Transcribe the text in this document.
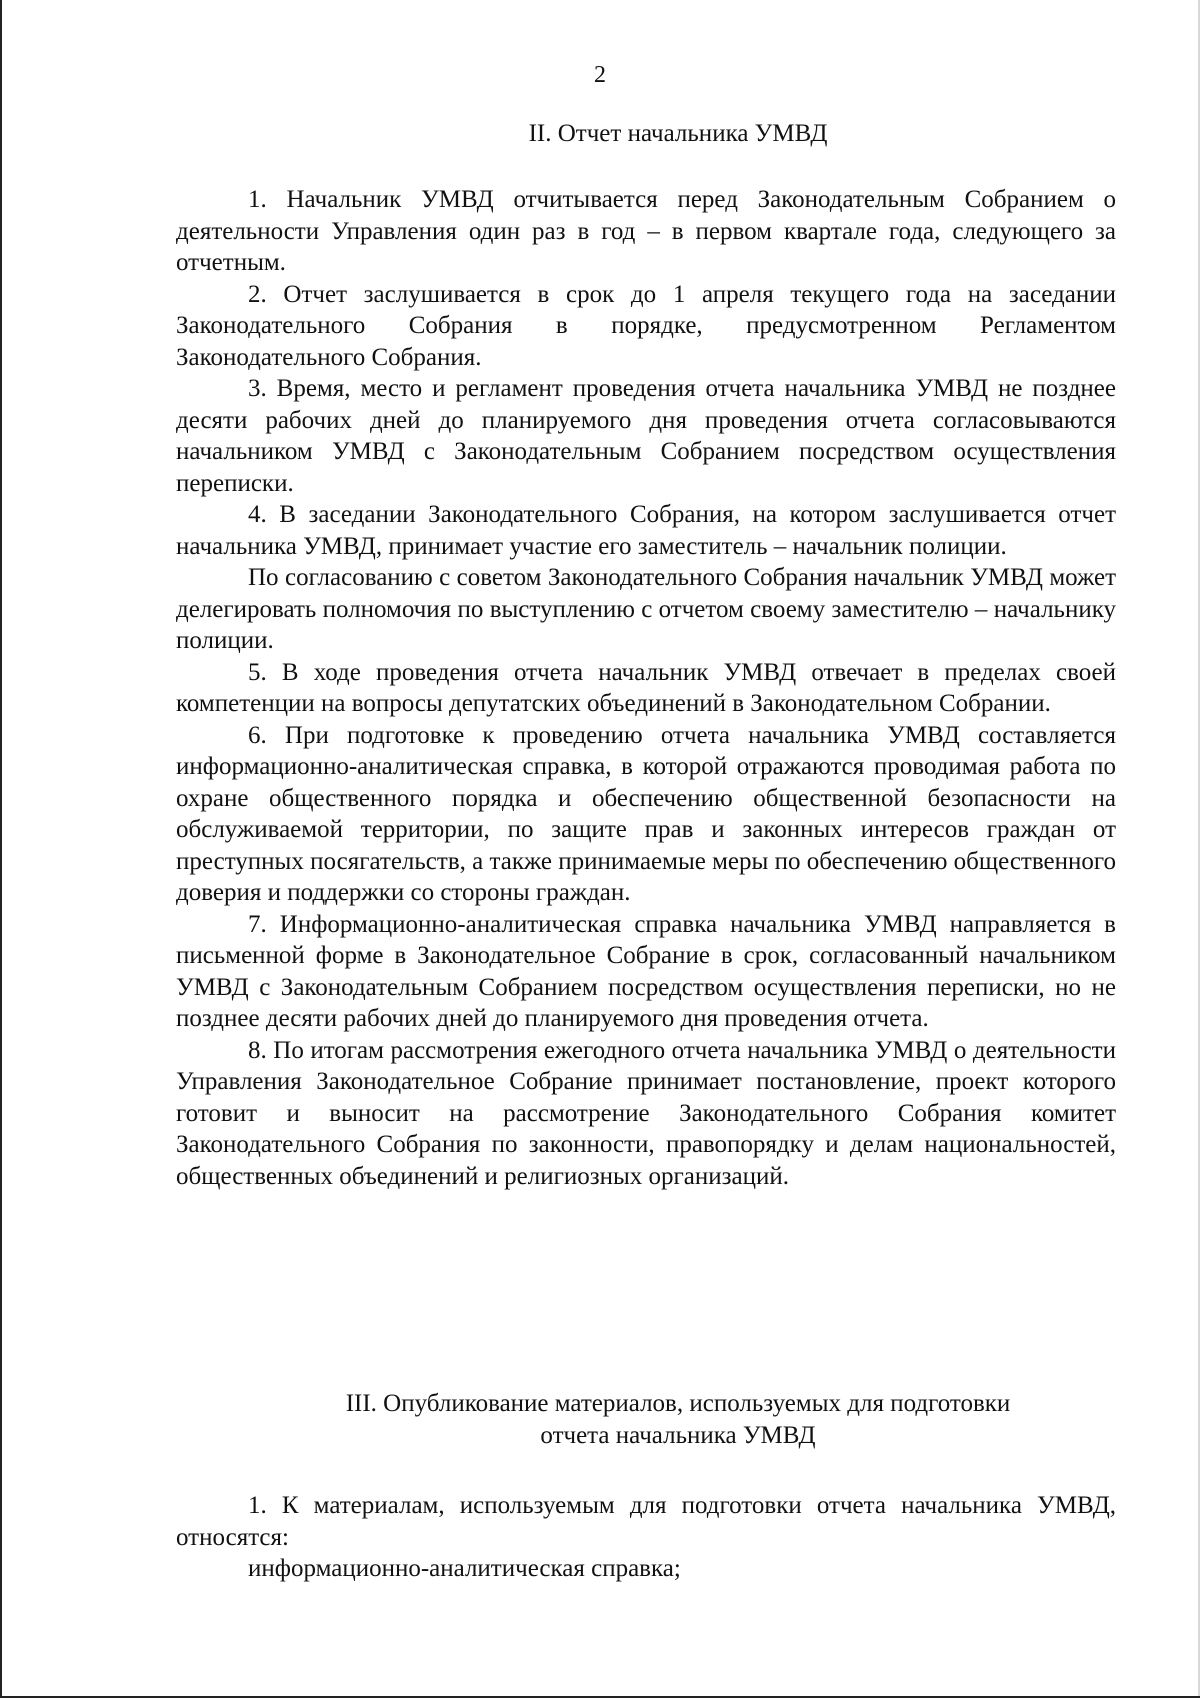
2
II. Отчет начальника УМВД

1. Начальник УМВД отчитывается перед Законодательным Собранием о деятельности Управления один раз в год – в первом квартале года, следующего за отчетным.

2. Отчет заслушивается в срок до 1 апреля текущего года на заседании Законодательного Собрания в порядке, предусмотренном Регламентом Законодательного Собрания.

3. Время, место и регламент проведения отчета начальника УМВД не позднее десяти рабочих дней до планируемого дня проведения отчета согласовываются начальником УМВД с Законодательным Собранием посредством осуществления переписки.

4. В заседании Законодательного Собрания, на котором заслушивается отчет начальника УМВД, принимает участие его заместитель – начальник полиции.

По согласованию с советом Законодательного Собрания начальник УМВД может делегировать полномочия по выступлению с отчетом своему заместителю – начальнику полиции.

5. В ходе проведения отчета начальник УМВД отвечает в пределах своей компетенции на вопросы депутатских объединений в Законодательном Собрании.

6. При подготовке к проведению отчета начальника УМВД составляется информационно-аналитическая справка, в которой отражаются проводимая работа по охране общественного порядка и обеспечению общественной безопасности на обслуживаемой территории, по защите прав и законных интересов граждан от преступных посягательств, а также принимаемые меры по обеспечению общественного доверия и поддержки со стороны граждан.

7. Информационно-аналитическая справка начальника УМВД направляется в письменной форме в Законодательное Собрание в срок, согласованный начальником УМВД с Законодательным Собранием посредством осуществления переписки, но не позднее десяти рабочих дней до планируемого дня проведения отчета.

8. По итогам рассмотрения ежегодного отчета начальника УМВД о деятельности Управления Законодательное Собрание принимает постановление, проект которого готовит и выносит на рассмотрение Законодательного Собрания комитет Законодательного Собрания по законности, правопорядку и делам национальностей, общественных объединений и религиозных организаций.

III. Опубликование материалов, используемых для подготовки
отчета начальника УМВД

1. К материалам, используемым для подготовки отчета начальника УМВД, относятся:

информационно-аналитическая справка;
